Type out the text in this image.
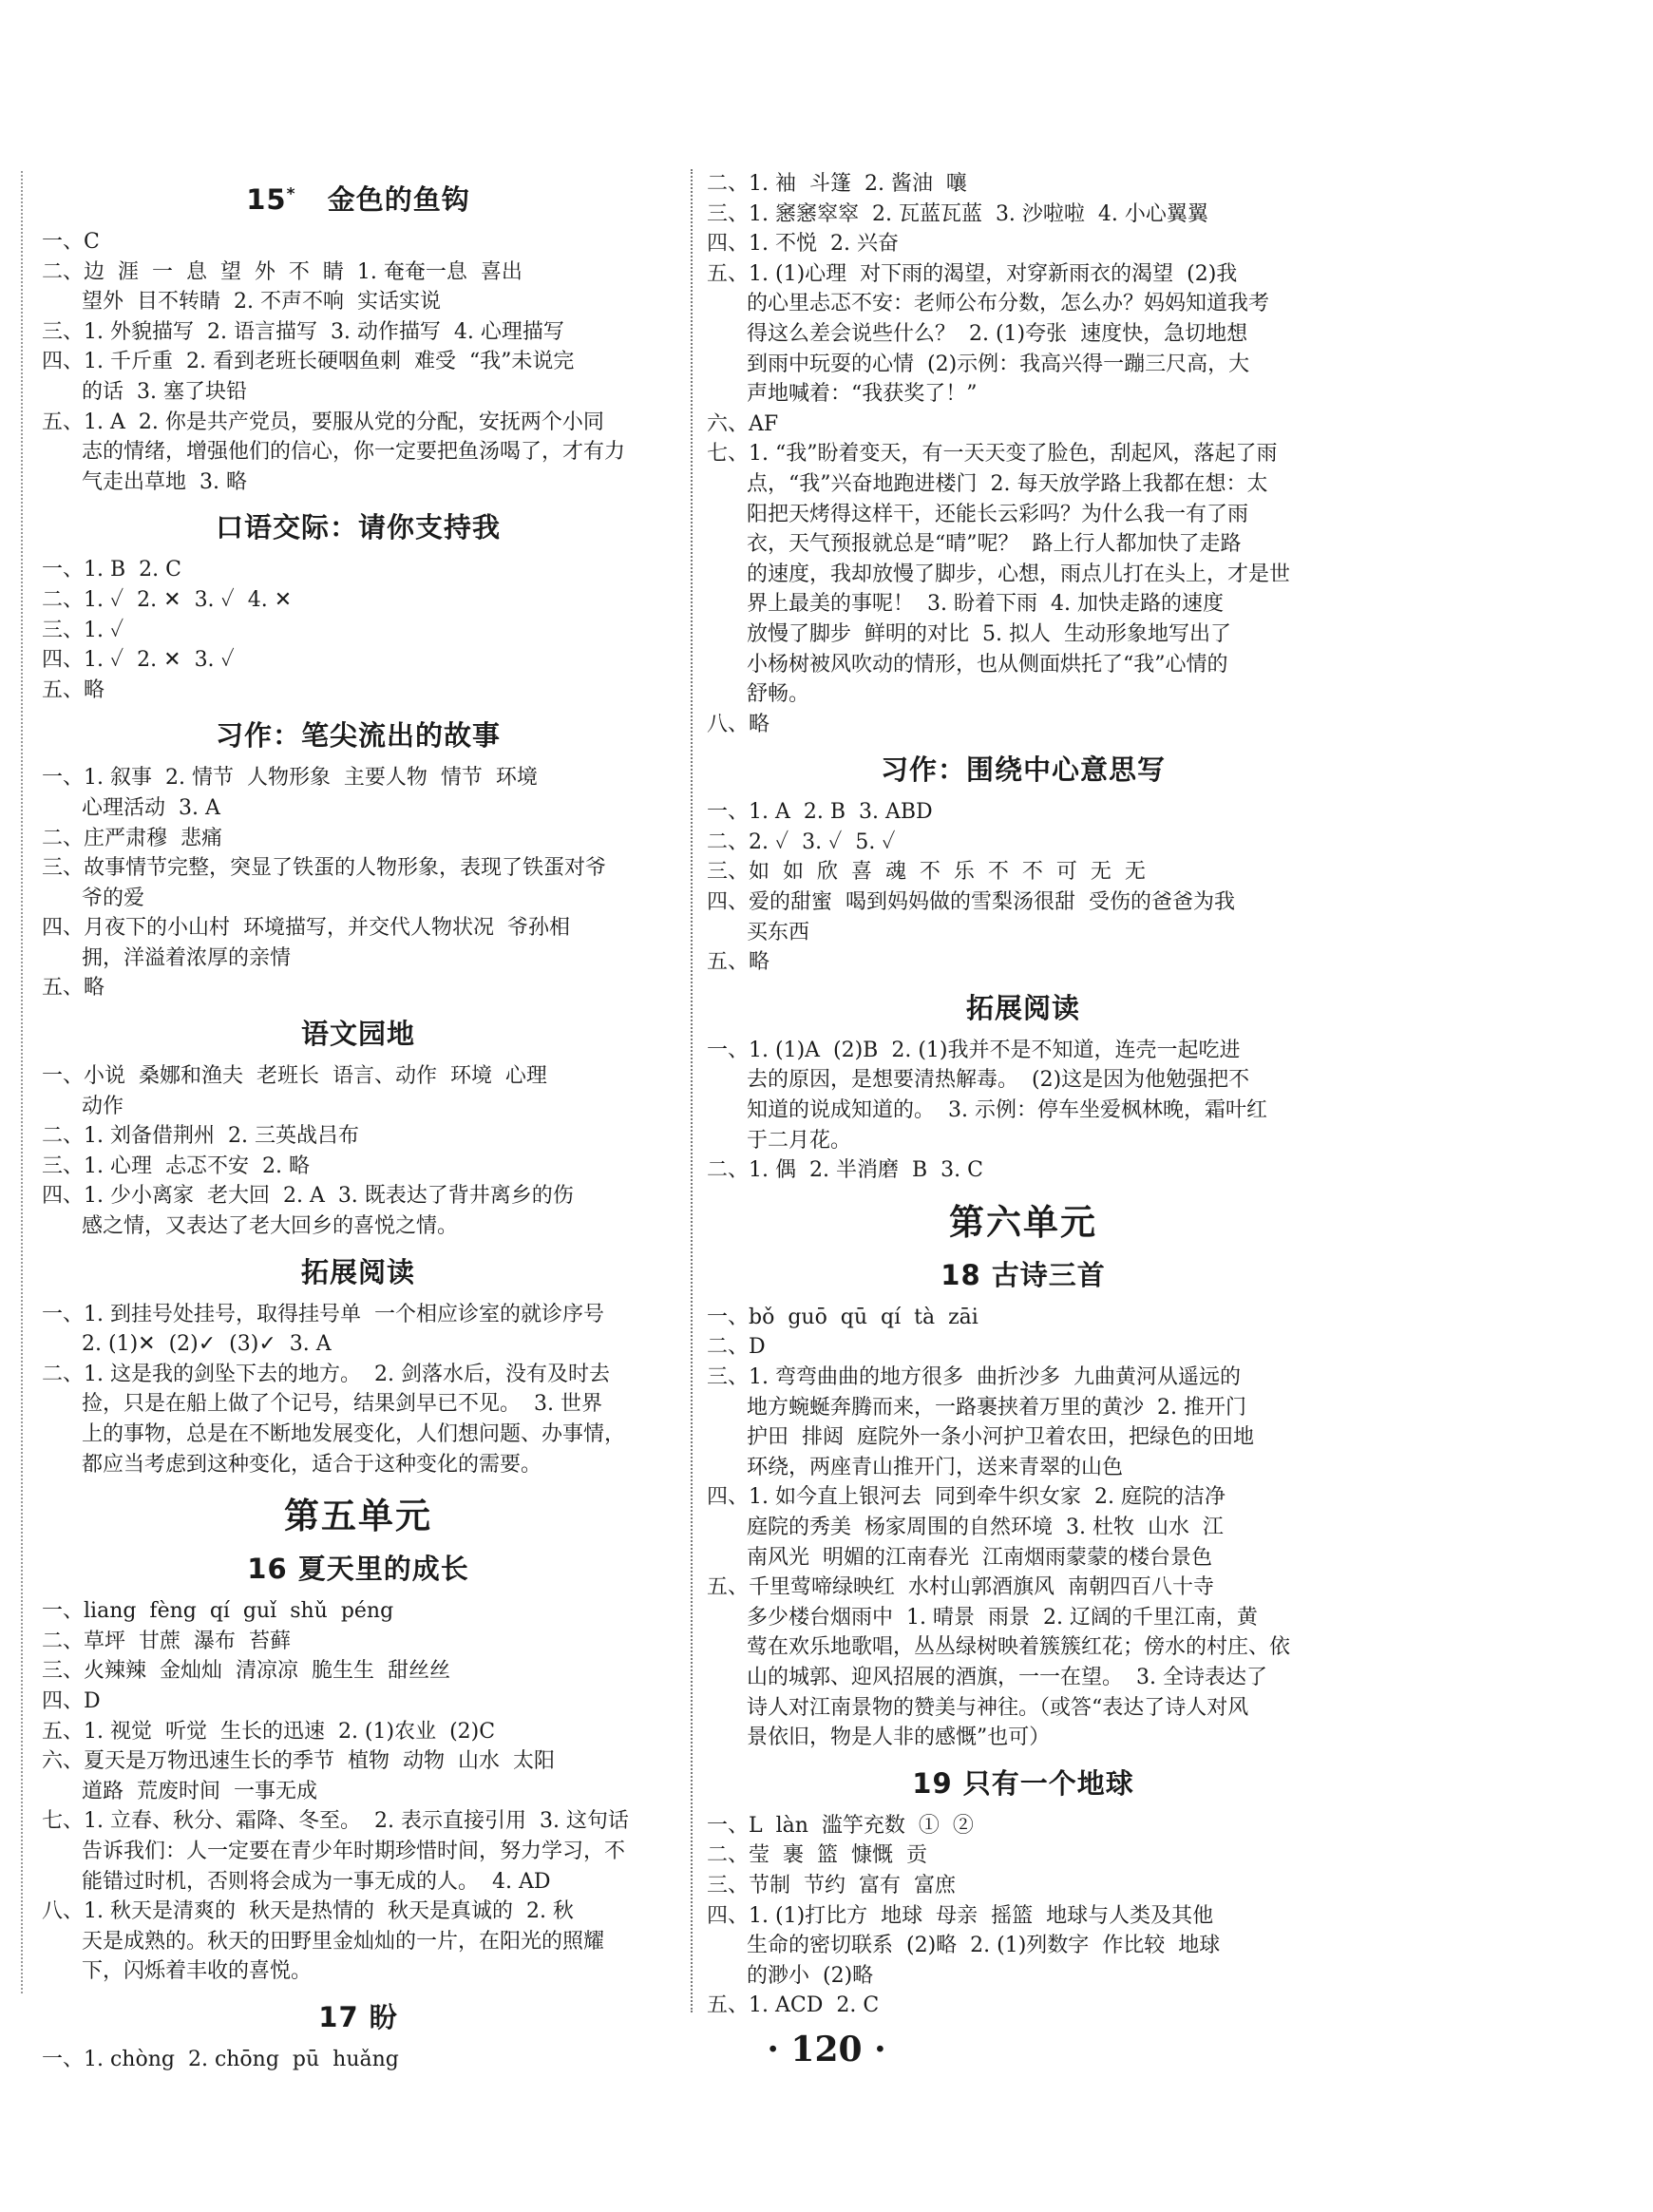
15*   金色的鱼钩
一、C
二、边  涯  一  息  望  外  不  睛  1. 奄奄一息  喜出
望外  目不转睛  2. 不声不响  实话实说
三、1. 外貌描写  2. 语言描写  3. 动作描写  4. 心理描写
四、1. 千斤重  2. 看到老班长硬咽鱼刺  难受  “我”未说完
的话  3. 塞了块铅
五、1. A  2. 你是共产党员，要服从党的分配，安抚两个小同
志的情绪，增强他们的信心，你一定要把鱼汤喝了，才有力
气走出草地  3. 略
口语交际：请你支持我
一、1. B  2. C
二、1. ✓  2. ✕  3. ✓  4. ✕
三、1. ✓
四、1. ✓  2. ✕  3. ✓
五、略
习作：笔尖流出的故事
一、1. 叙事  2. 情节  人物形象  主要人物  情节  环境
心理活动  3. A
二、庄严肃穆  悲痛
三、故事情节完整，突显了铁蛋的人物形象，表现了铁蛋对爷
爷的爱
四、月夜下的小山村  环境描写，并交代人物状况  爷孙相
拥，洋溢着浓厚的亲情
五、略
语文园地
一、小说  桑娜和渔夫  老班长  语言、动作  环境  心理
动作
二、1. 刘备借荆州  2. 三英战吕布
三、1. 心理  忐忑不安  2. 略
四、1. 少小离家  老大回  2. A  3. 既表达了背井离乡的伤
感之情，又表达了老大回乡的喜悦之情。
拓展阅读
一、1. 到挂号处挂号，取得挂号单  一个相应诊室的就诊序号
2. (1)✕  (2)✓  (3)✓  3. A
二、1. 这是我的剑坠下去的地方。  2. 剑落水后，没有及时去
捡，只是在船上做了个记号，结果剑早已不见。  3. 世界
上的事物，总是在不断地发展变化，人们想问题、办事情，
都应当考虑到这种变化，适合于这种变化的需要。
第五单元
16 夏天里的成长
一、liang  fèng  qí  guǐ  shǔ  péng
二、草坪  甘蔗  瀑布  苔藓
三、火辣辣  金灿灿  清凉凉  脆生生  甜丝丝
四、D
五、1. 视觉  听觉  生长的迅速  2. (1)农业  (2)C
六、夏天是万物迅速生长的季节  植物  动物  山水  太阳
道路  荒废时间  一事无成
七、1. 立春、秋分、霜降、冬至。  2. 表示直接引用  3. 这句话
告诉我们：人一定要在青少年时期珍惜时间，努力学习，不
能错过时机，否则将会成为一事无成的人。  4. AD
八、1. 秋天是清爽的  秋天是热情的  秋天是真诚的  2. 秋
天是成熟的。秋天的田野里金灿灿的一片，在阳光的照耀
下，闪烁着丰收的喜悦。
17 盼
一、1. chòng  2. chōng  pū  huǎng
二、1. 袖  斗篷  2. 酱油  嚷
三、1. 窸窸窣窣  2. 瓦蓝瓦蓝  3. 沙啦啦  4. 小心翼翼
四、1. 不悦  2. 兴奋
五、1. (1)心理  对下雨的渴望，对穿新雨衣的渴望  (2)我
的心里忐忑不安：老师公布分数，怎么办？妈妈知道我考
得这么差会说些什么？  2. (1)夸张  速度快，急切地想
到雨中玩耍的心情  (2)示例：我高兴得一蹦三尺高，大
声地喊着：“我获奖了！”
六、AF
七、1. “我”盼着变天，有一天天变了脸色，刮起风，落起了雨
点，“我”兴奋地跑进楼门  2. 每天放学路上我都在想：太
阳把天烤得这样干，还能长云彩吗？为什么我一有了雨
衣，天气预报就总是“晴”呢？  路上行人都加快了走路
的速度，我却放慢了脚步，心想，雨点儿打在头上，才是世
界上最美的事呢！  3. 盼着下雨  4. 加快走路的速度
放慢了脚步  鲜明的对比  5. 拟人  生动形象地写出了
小杨树被风吹动的情形，也从侧面烘托了“我”心情的
舒畅。
八、略
习作：围绕中心意思写
一、1. A  2. B  3. ABD
二、2. ✓  3. ✓  5. ✓
三、如  如  欣  喜  魂  不  乐  不  不  可  无  无
四、爱的甜蜜  喝到妈妈做的雪梨汤很甜  受伤的爸爸为我
买东西
五、略
拓展阅读
一、1. (1)A  (2)B  2. (1)我并不是不知道，连壳一起吃进
去的原因，是想要清热解毒。  (2)这是因为他勉强把不
知道的说成知道的。  3. 示例：停车坐爱枫林晚，霜叶红
于二月花。
二、1. 偶  2. 半消磨  B  3. C
第六单元
18 古诗三首
一、bǒ  guō  qū  qí  tà  zāi
二、D
三、1. 弯弯曲曲的地方很多  曲折沙多  九曲黄河从遥远的
地方蜿蜒奔腾而来，一路裹挟着万里的黄沙  2. 推开门
护田  排闼  庭院外一条小河护卫着农田，把绿色的田地
环绕，两座青山推开门，送来青翠的山色
四、1. 如今直上银河去  同到牵牛织女家  2. 庭院的洁净
庭院的秀美  杨家周围的自然环境  3. 杜牧  山水  江
南风光  明媚的江南春光  江南烟雨蒙蒙的楼台景色
五、千里莺啼绿映红  水村山郭酒旗风  南朝四百八十寺
多少楼台烟雨中  1. 晴景  雨景  2. 辽阔的千里江南，黄
莺在欢乐地歌唱，丛丛绿树映着簇簇红花；傍水的村庄、依
山的城郭、迎风招展的酒旗，一一在望。  3. 全诗表达了
诗人对江南景物的赞美与神往。（或答“表达了诗人对风
景依旧，物是人非的感慨”也可）
19 只有一个地球
一、L  làn  滥竽充数  ①  ②
二、莹  裹  篮  慷慨  贡
三、节制  节约  富有  富庶
四、1. (1)打比方  地球  母亲  摇篮  地球与人类及其他
生命的密切联系  (2)略  2. (1)列数字  作比较  地球
的渺小  (2)略
五、1. ACD  2. C
· 120 ·
